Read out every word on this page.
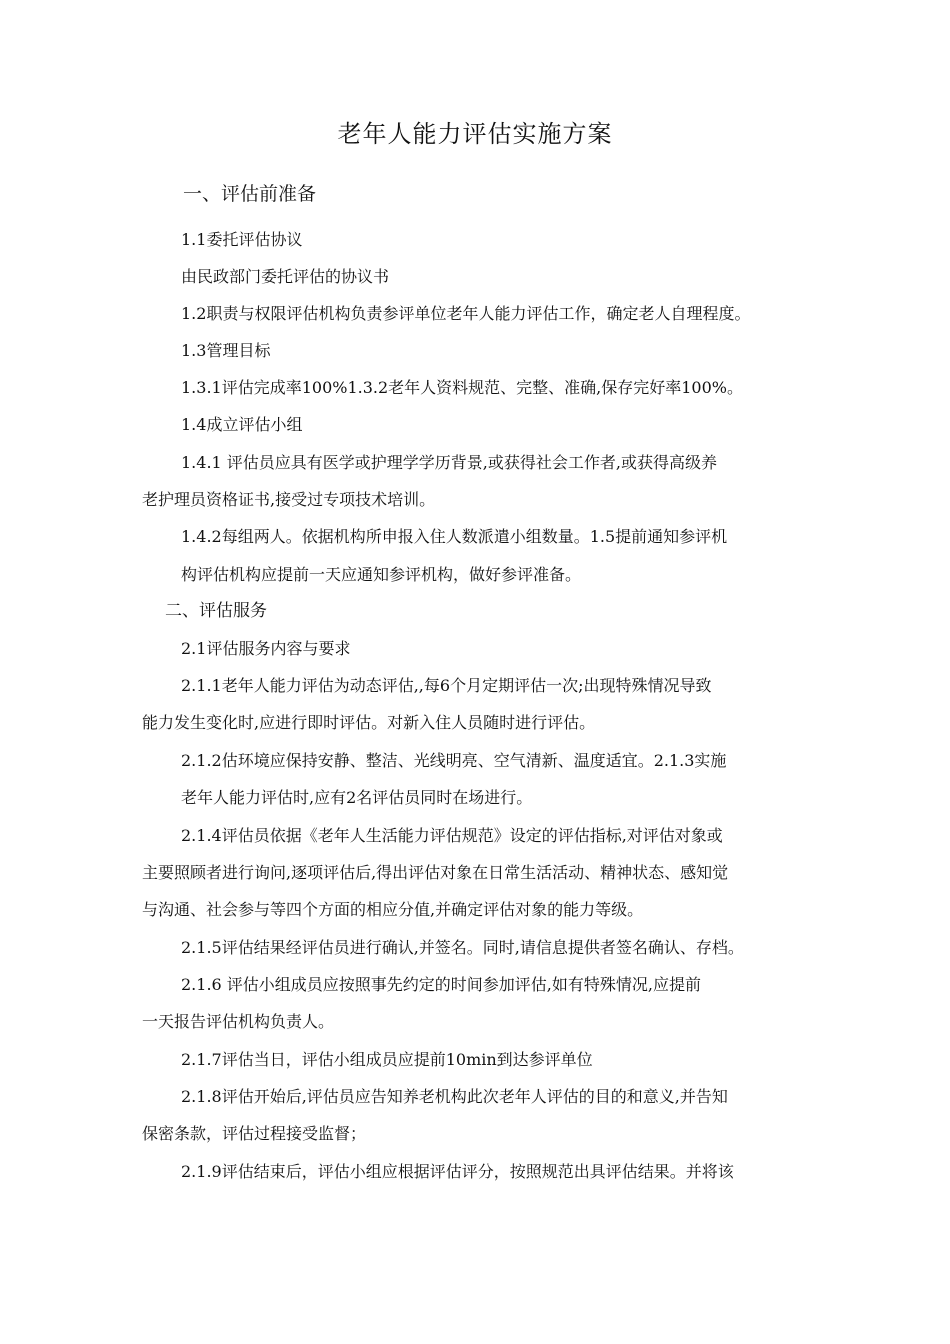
老年人能力评估实施方案
一、评估前准备
1.1委托评估协议
由民政部门委托评估的协议书
1.2职责与权限评估机构负责参评单位老年人能力评估工作，确定老人自理程度。
1.3管理目标
1.3.1评估完成率100%1.3.2老年人资料规范、完整、准确,保存完好率100%。
1.4成立评估小组
1.4.1 评估员应具有医学或护理学学历背景,或获得社会工作者,或获得高级养
老护理员资格证书,接受过专项技术培训。
1.4.2每组两人。依据机构所申报入住人数派遣小组数量。1.5提前通知参评机
构评估机构应提前一天应通知参评机构，做好参评准备。
二、评估服务
2.1评估服务内容与要求
2.1.1老年人能力评估为动态评估,,每6个月定期评估一次;出现特殊情况导致
能力发生变化时,应进行即时评估。对新入住人员随时进行评估。
2.1.2估环境应保持安静、整洁、光线明亮、空气清新、温度适宜。2.1.3实施
老年人能力评估时,应有2名评估员同时在场进行。
2.1.4评估员依据《老年人生活能力评估规范》设定的评估指标,对评估对象或
主要照顾者进行询问,逐项评估后,得出评估对象在日常生活活动、精神状态、感知觉
与沟通、社会参与等四个方面的相应分值,并确定评估对象的能力等级。
2.1.5评估结果经评估员进行确认,并签名。同时,请信息提供者签名确认、存档。
2.1.6 评估小组成员应按照事先约定的时间参加评估,如有特殊情况,应提前
一天报告评估机构负责人。
2.1.7评估当日，评估小组成员应提前10min到达参评单位
2.1.8评估开始后,评估员应告知养老机构此次老年人评估的目的和意义,并告知
保密条款，评估过程接受监督；
2.1.9评估结束后，评估小组应根据评估评分，按照规范出具评估结果。并将该
